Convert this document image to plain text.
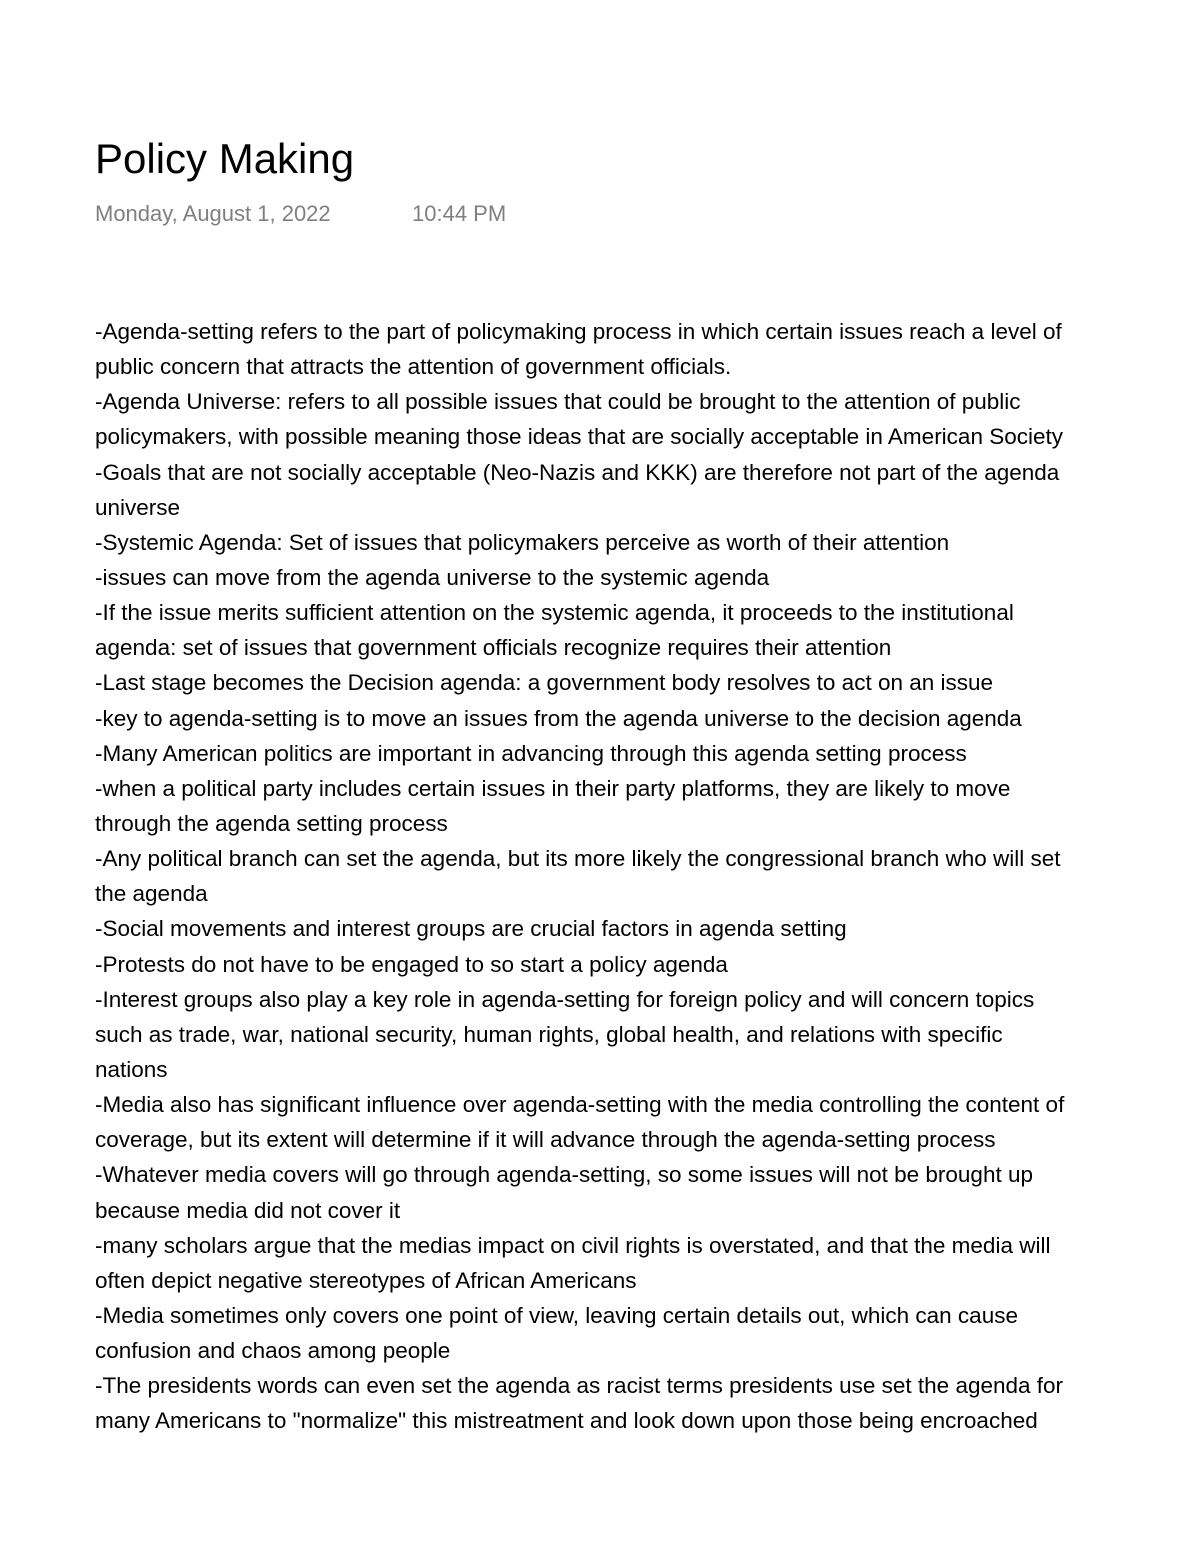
Policy Making
Monday, August 1, 2022	10:44 PM
-Agenda-setting refers to the part of policymaking process in which certain issues reach a level of
public concern that attracts the attention of government officials.
-Agenda Universe: refers to all possible issues that could be brought to the attention of public
policymakers, with possible meaning those ideas that are socially acceptable in American Society
-Goals that are not socially acceptable (Neo-Nazis and KKK) are therefore not part of the agenda
universe
-Systemic Agenda: Set of issues that policymakers perceive as worth of their attention
-issues can move from the agenda universe to the systemic agenda
-If the issue merits sufficient attention on the systemic agenda, it proceeds to the institutional
agenda: set of issues that government officials recognize requires their attention
-Last stage becomes the Decision agenda: a government body resolves to act on an issue
-key to agenda-setting is to move an issues from the agenda universe to the decision agenda
-Many American politics are important in advancing through this agenda setting process
-when a political party includes certain issues in their party platforms, they are likely to move
through the agenda setting process
-Any political branch can set the agenda, but its more likely the congressional branch who will set
the agenda
-Social movements and interest groups are crucial factors in agenda setting
-Protests do not have to be engaged to so start a policy agenda
-Interest groups also play a key role in agenda-setting for foreign policy and will concern topics
such as trade, war, national security, human rights, global health, and relations with specific
nations
-Media also has significant influence over agenda-setting with the media controlling the content of
coverage, but its extent will determine if it will advance through the agenda-setting process
-Whatever media covers will go through agenda-setting, so some issues will not be brought up
because media did not cover it
-many scholars argue that the medias impact on civil rights is overstated, and that the media will
often depict negative stereotypes of African Americans
-Media sometimes only covers one point of view, leaving certain details out, which can cause
confusion and chaos among people
-The presidents words can even set the agenda as racist terms presidents use set the agenda for
many Americans to "normalize" this mistreatment and look down upon those being encroached
